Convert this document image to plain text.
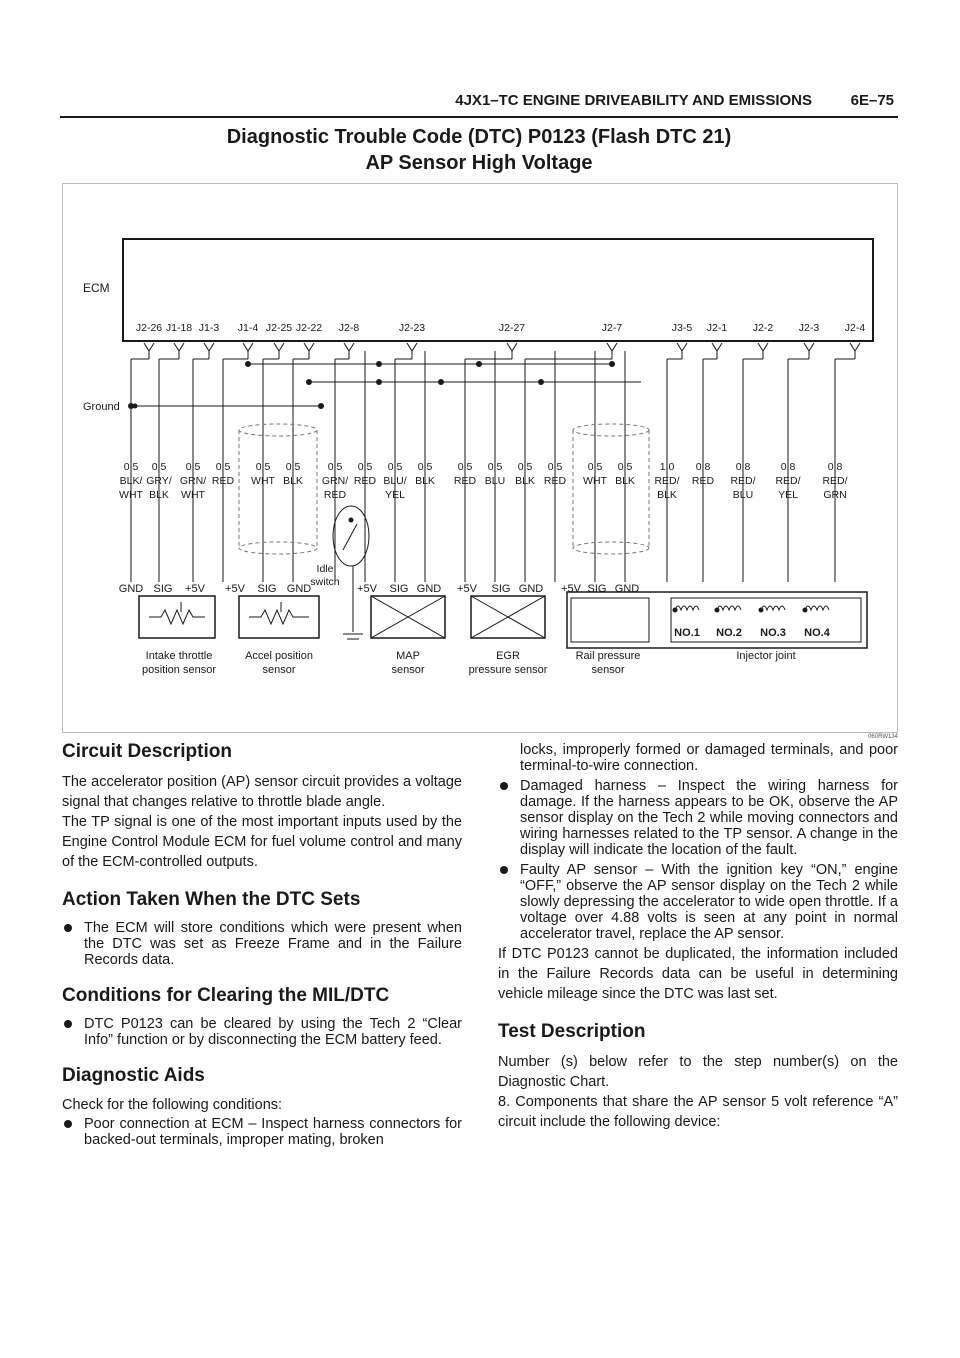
4JX1–TC ENGINE DRIVEABILITY AND EMISSIONS	6E–75
Diagnostic Trouble Code (DTC) P0123 (Flash DTC 21)
AP Sensor High Voltage
ECM
J2-26 J1-18 J1-3 J1-4 J2-25 J2-22 J2-8	J2-23	J2-27	J2-7	J3-5 J2-1 J2-2 J2-3 J2-4
Ground
0.5
BLK/
WHT
0.5
GRY/
BLK
0.5
GRN/
WHT
0.5
RED
0.5
WHT
0.5
BLK
0.5
GRN/
RED
0.5
RED
0.5
BLU/
YEL
0.5
BLK
0.5
RED
0.5
BLU
0.5
BLK
0.5
RED
0.5
WHT
0.5
BLK
1.0
RED/
BLK
0.8
RED
0.8
RED/
BLU
0.8
RED/
YEL
0.8
RED/
GRN
Idle
switch
GND SIG +5V +5V SIG GND	+5V SIG GND +5V SIG GND +5V SIG GND
NO.1 NO.2 NO.3 NO.4
Intake throttle
position sensor
Accel position
sensor
MAP
sensor
EGR
pressure sensor
Rail pressure
sensor
Injector joint
060RW134
Circuit Description

The accelerator position (AP) sensor circuit provides a voltage signal that changes relative to throttle blade angle.

The TP signal is one of the most important inputs used by the Engine Control Module ECM for fuel volume control and many of the ECM-controlled outputs.

Action Taken When the DTC Sets
The ECM will store conditions which were present when the DTC was set as Freeze Frame and in the Failure Records data.
Conditions for Clearing the MIL/DTC
DTC P0123 can be cleared by using the Tech 2 “Clear Info” function or by disconnecting the ECM battery feed.
Diagnostic Aids

Check for the following conditions:

Poor connection at ECM – Inspect harness connectors for backed-out terminals, improper mating, broken
locks, improperly formed or damaged terminals, and poor terminal-to-wire connection.
Damaged harness – Inspect the wiring harness for damage. If the harness appears to be OK, observe the AP sensor display on the Tech 2 while moving connectors and wiring harnesses related to the TP sensor. A change in the display will indicate the location of the fault.
Faulty AP sensor – With the ignition key “ON,” engine “OFF,” observe the AP sensor display on the Tech 2 while slowly depressing the accelerator to wide open throttle. If a voltage over 4.88 volts is seen at any point in normal accelerator travel, replace the AP sensor.

If DTC P0123 cannot be duplicated, the information included in the Failure Records data can be useful in determining vehicle mileage since the DTC was last set.

Test Description

Number (s) below refer to the step number(s) on the Diagnostic Chart.

8. Components that share the AP sensor 5 volt reference “A” circuit include the following device:
